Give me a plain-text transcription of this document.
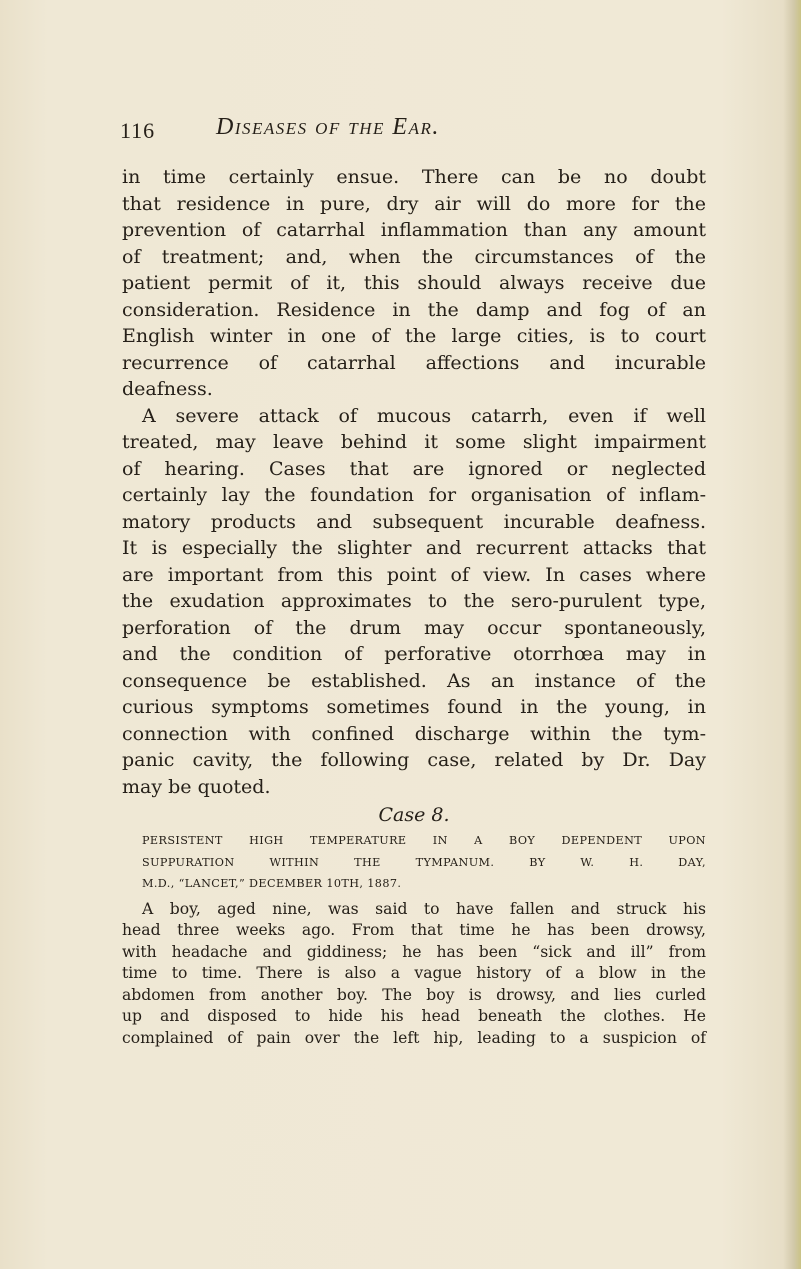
116	Diseases of the Ear.
in time certainly ensue. There can be no doubt
that residence in pure, dry air will do more for the
prevention of catarrhal inflammation than any amount
of treatment; and, when the circumstances of the
patient permit of it, this should always receive due
consideration. Residence in the damp and fog of an
English winter in one of the large cities, is to court
recurrence of catarrhal affections and incurable
deafness.
A severe attack of mucous catarrh, even if well
treated, may leave behind it some slight impairment
of hearing. Cases that are ignored or neglected
certainly lay the foundation for organisation of inflam-
matory products and subsequent incurable deafness.
It is especially the slighter and recurrent attacks that
are important from this point of view. In cases where
the exudation approximates to the sero-purulent type,
perforation of the drum may occur spontaneously,
and the condition of perforative otorrhœa may in
consequence be established. As an instance of the
curious symptoms sometimes found in the young, in
connection with confined discharge within the tym-
panic cavity, the following case, related by Dr. Day
may be quoted.
Case 8.
PERSISTENT HIGH TEMPERATURE IN A BOY DEPENDENT UPON
SUPPURATION WITHIN THE TYMPANUM. BY W. H. DAY,
M.D., “LANCET,” DECEMBER 10TH, 1887.
A boy, aged nine, was said to have fallen and struck his
head three weeks ago. From that time he has been drowsy,
with headache and giddiness; he has been “sick and ill” from
time to time. There is also a vague history of a blow in the
abdomen from another boy. The boy is drowsy, and lies curled
up and disposed to hide his head beneath the clothes. He
complained of pain over the left hip, leading to a suspicion of
